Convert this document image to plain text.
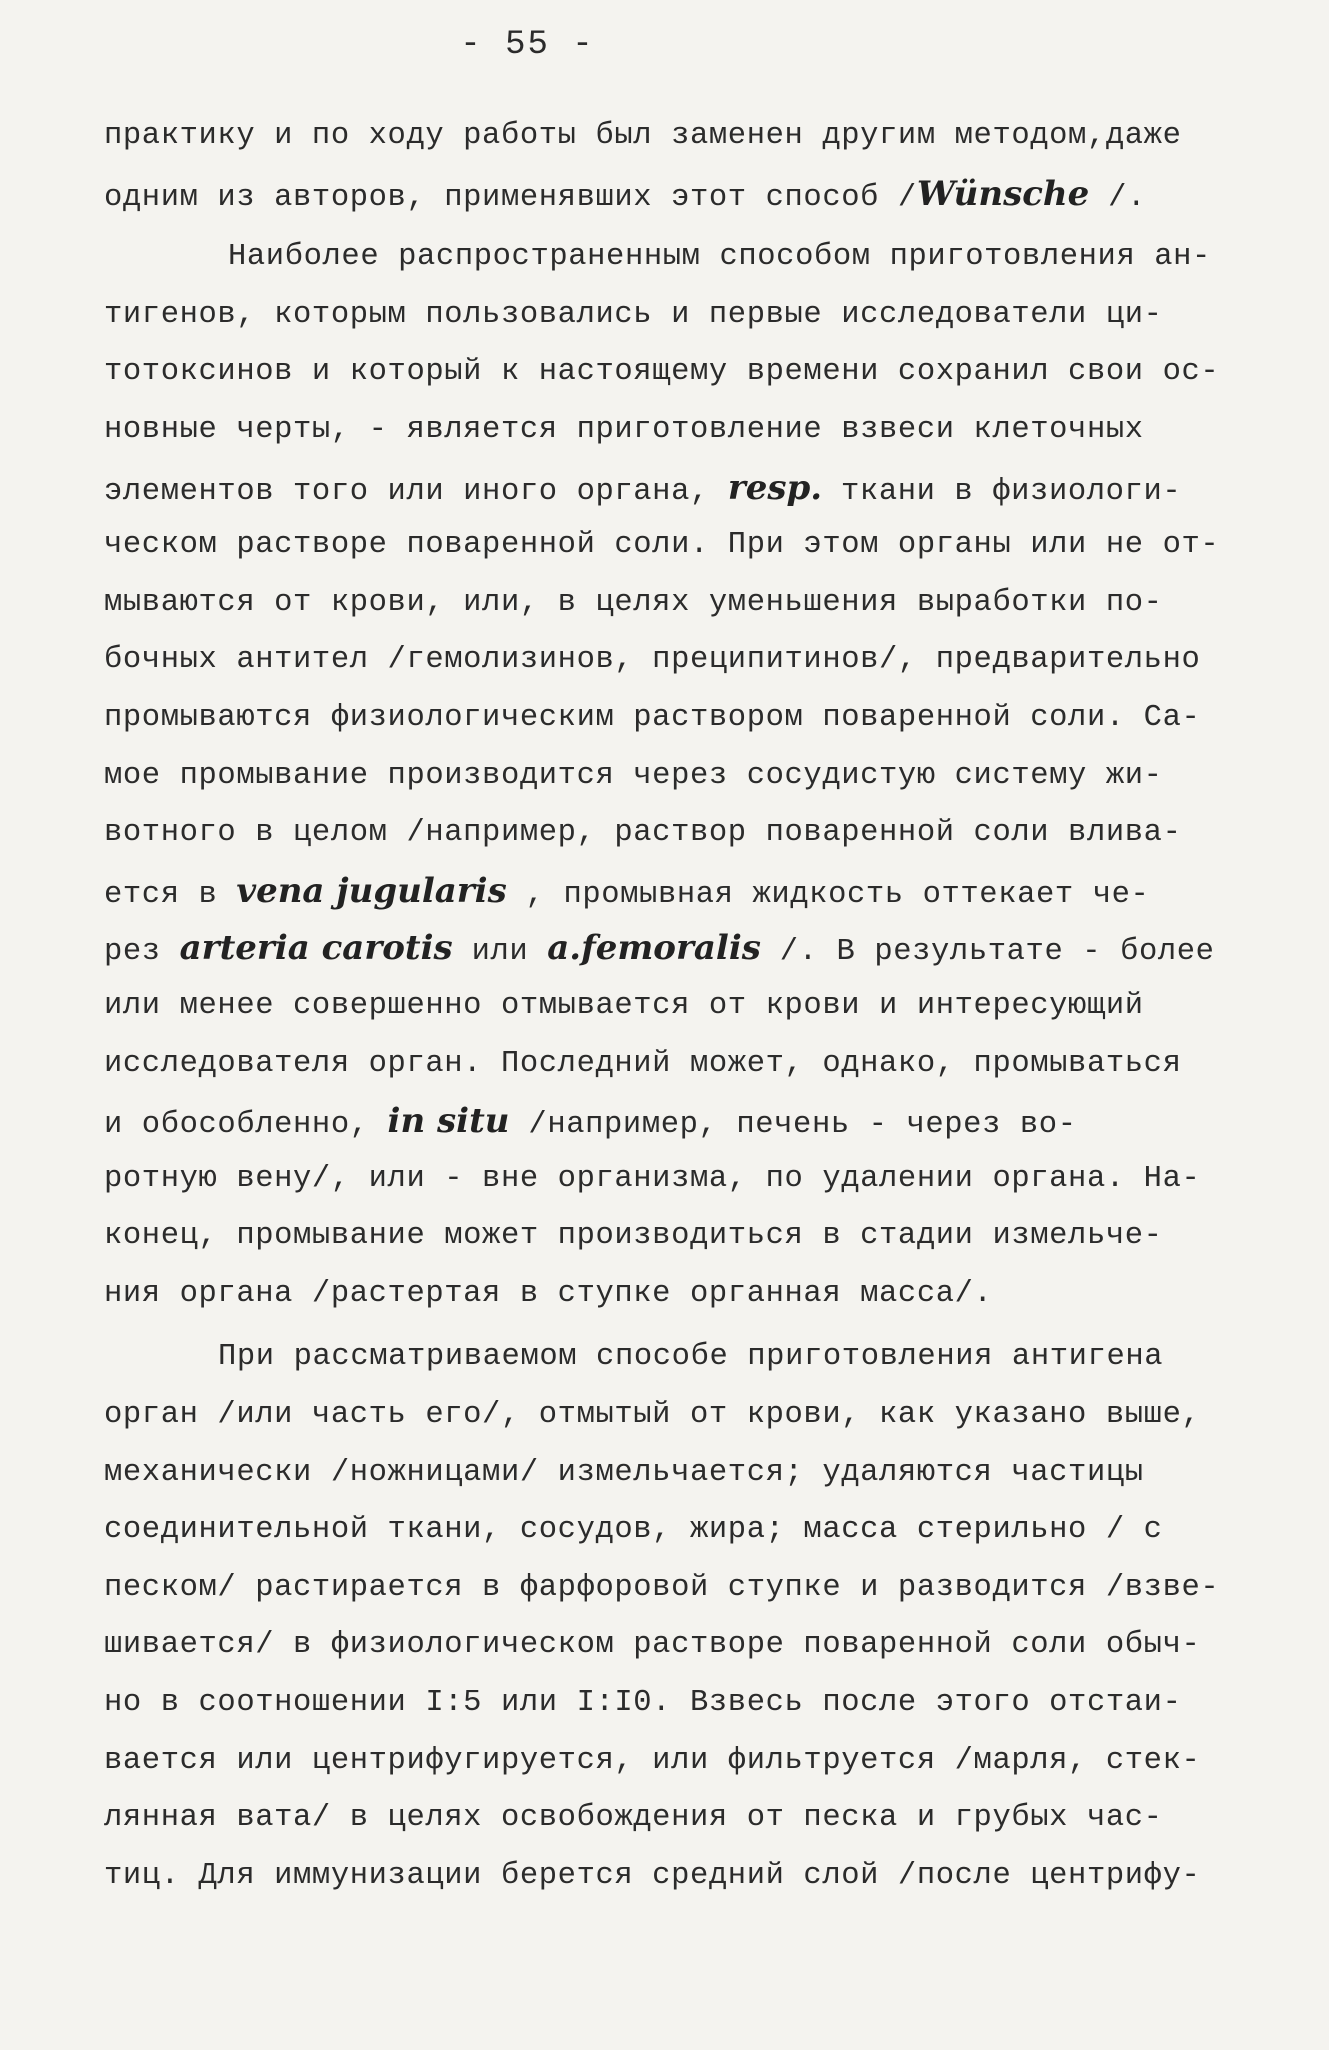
- 55 -
практику и по ходу работы был заменен другим методом,даже
одним из авторов, применявших этот способ /Wünsche /.
Наиболее распространенным способом приготовления ан-
тигенов, которым пользовались и первые исследователи ци-
тотоксинов и который к настоящему времени сохранил свои ос-
новные черты, - является приготовление взвеси клеточных
элементов того или иного органа, resp. ткани в физиологи-
ческом растворе поваренной соли. При этом органы или не от-
мываются от крови, или, в целях уменьшения выработки по-
бочных антител /гемолизинов, преципитинов/, предварительно
промываются физиологическим раствором поваренной соли. Са-
мое промывание производится через сосудистую систему жи-
вотного в целом /например, раствор поваренной соли влива-
ется в vena jugularis , промывная жидкость оттекает че-
рез arteria carotis или a.femoralis /. В результате - более
или менее совершенно отмывается от крови и интересующий
исследователя орган. Последний может, однако, промываться
и обособленно, in situ /например, печень - через во-
ротную вену/, или - вне организма, по удалении органа. На-
конец, промывание может производиться в стадии измельче-
ния органа /растертая в ступке органная масса/.
При рассматриваемом способе приготовления антигена
орган /или часть его/, отмытый от крови, как указано выше,
механически /ножницами/ измельчается; удаляются частицы
соединительной ткани, сосудов, жира; масса стерильно / с
песком/ растирается в фарфоровой ступке и разводится /взве-
шивается/ в физиологическом растворе поваренной соли обыч-
но в соотношении I:5 или I:I0. Взвесь после этого отстаи-
вается или центрифугируется, или фильтруется /марля, стек-
лянная вата/ в целях освобождения от песка и грубых час-
тиц. Для иммунизации берется средний слой /после центрифу-
